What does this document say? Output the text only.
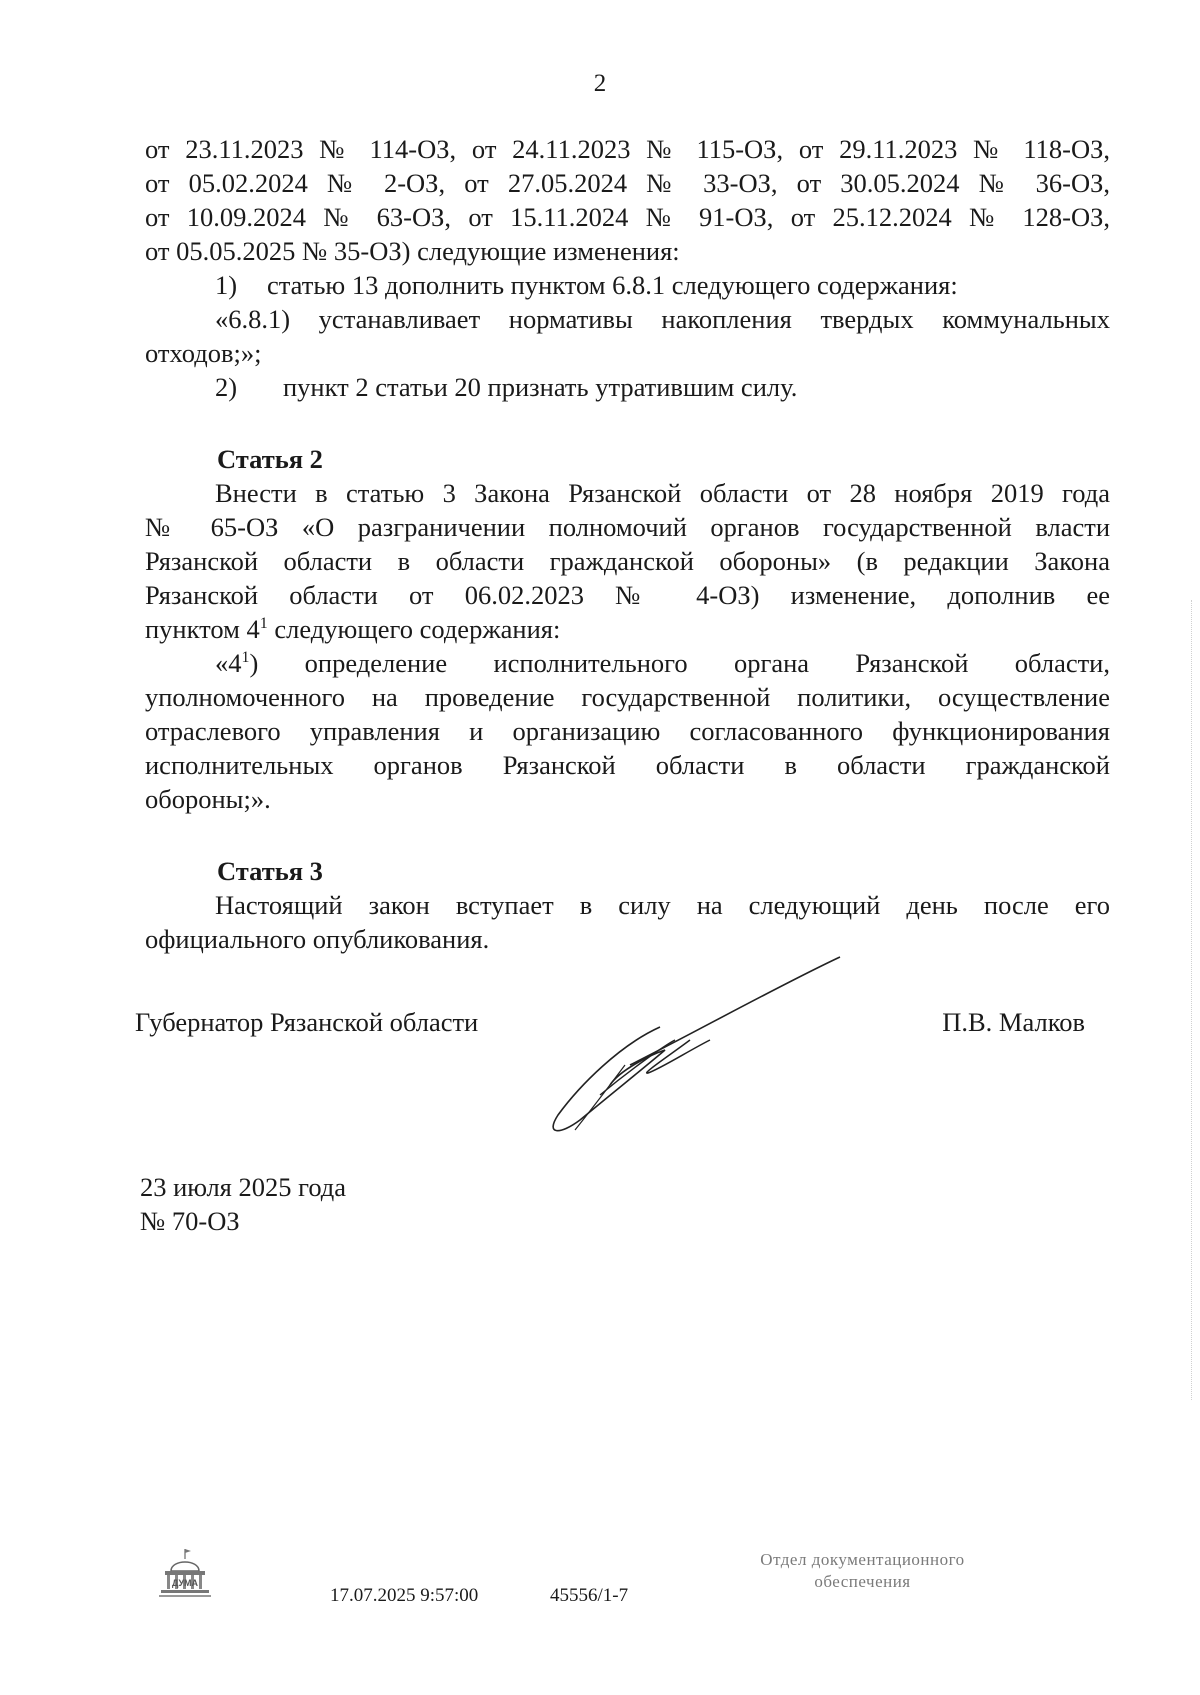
2

от 23.11.2023 № 114-ОЗ, от 24.11.2023 № 115-ОЗ, от 29.11.2023 № 118-ОЗ,

от 05.02.2024 № 2-ОЗ, от 27.05.2024 № 33-ОЗ, от 30.05.2024 № 36-ОЗ,

от 10.09.2024 № 63-ОЗ, от 15.11.2024 № 91-ОЗ, от 25.12.2024 № 128-ОЗ,

от 05.05.2025 № 35-ОЗ) следующие изменения:

1) статью 13 дополнить пунктом 6.8.1 следующего содержания:

«6.8.1) устанавливает нормативы накопления твердых коммунальных

отходов;»;

2) пункт 2 статьи 20 признать утратившим силу.

Статья 2

Внести в статью 3 Закона Рязанской области от 28 ноября 2019 года

№ 65-ОЗ «О разграничении полномочий органов государственной власти

Рязанской области в области гражданской обороны» (в редакции Закона

Рязанской области от 06.02.2023 № 4-ОЗ) изменение, дополнив ее

пунктом $4^1$ следующего содержания:

«$4^1$) определение исполнительного органа Рязанской области,

уполномоченного на проведение государственной политики, осуществление

отраслевого управления и организацию согласованного функционирования

исполнительных органов Рязанской области в области гражданской

обороны;».

Статья 3

Настоящий закон вступает в силу на следующий день после его

официального опубликования.

Губернатор Рязанской области	П.В. Малков
23 июля 2025 года
№ 70-ОЗ
ДУМА
17.07.2025 9:57:00	45556/1-7
Отдел документационного
обеспечения
